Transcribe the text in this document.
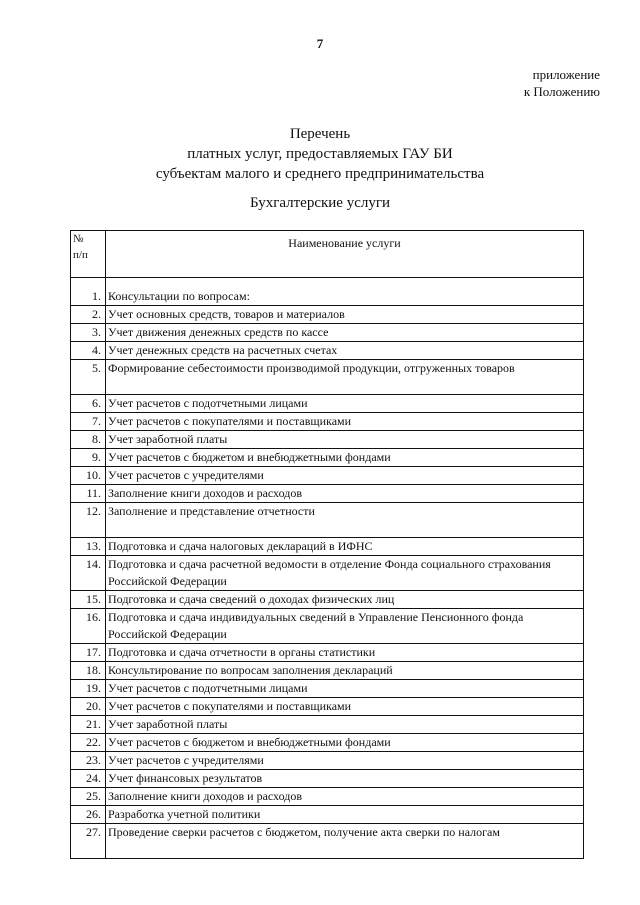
7
приложение
к Положению
Перечень
платных услуг, предоставляемых ГАУ БИ
субъектам малого и среднего предпринимательства
Бухгалтерские услуги
№
п/п	Наименование услуги
1.	Консультации по вопросам:
2.	Учет основных средств, товаров и материалов
3.	Учет движения денежных средств по кассе
4.	Учет денежных средств на расчетных счетах
5.	Формирование себестоимости производимой продукции, отгруженных товаров
6.	Учет расчетов с подотчетными лицами
7.	Учет расчетов с покупателями и поставщиками
8.	Учет заработной платы
9.	Учет расчетов с бюджетом и внебюджетными фондами
10.	Учет расчетов с учредителями
11.	Заполнение книги доходов и расходов
12.	Заполнение и представление отчетности
13.	Подготовка и сдача налоговых деклараций в ИФНС
14.	Подготовка и сдача расчетной ведомости в отделение Фонда социального страхования Российской Федерации
15.	Подготовка и сдача сведений о доходах физических лиц
16.	Подготовка и сдача индивидуальных сведений в Управление Пенсионного фонда Российской Федерации
17.	Подготовка и сдача отчетности в органы статистики
18.	Консультирование по вопросам заполнения деклараций
19.	Учет расчетов с подотчетными лицами
20.	Учет расчетов с покупателями и поставщиками
21.	Учет заработной платы
22.	Учет расчетов с бюджетом и внебюджетными фондами
23.	Учет расчетов с учредителями
24.	Учет финансовых результатов
25.	Заполнение книги доходов и расходов
26.	Разработка учетной политики
27.	Проведение сверки расчетов с бюджетом, получение акта сверки по налогам
